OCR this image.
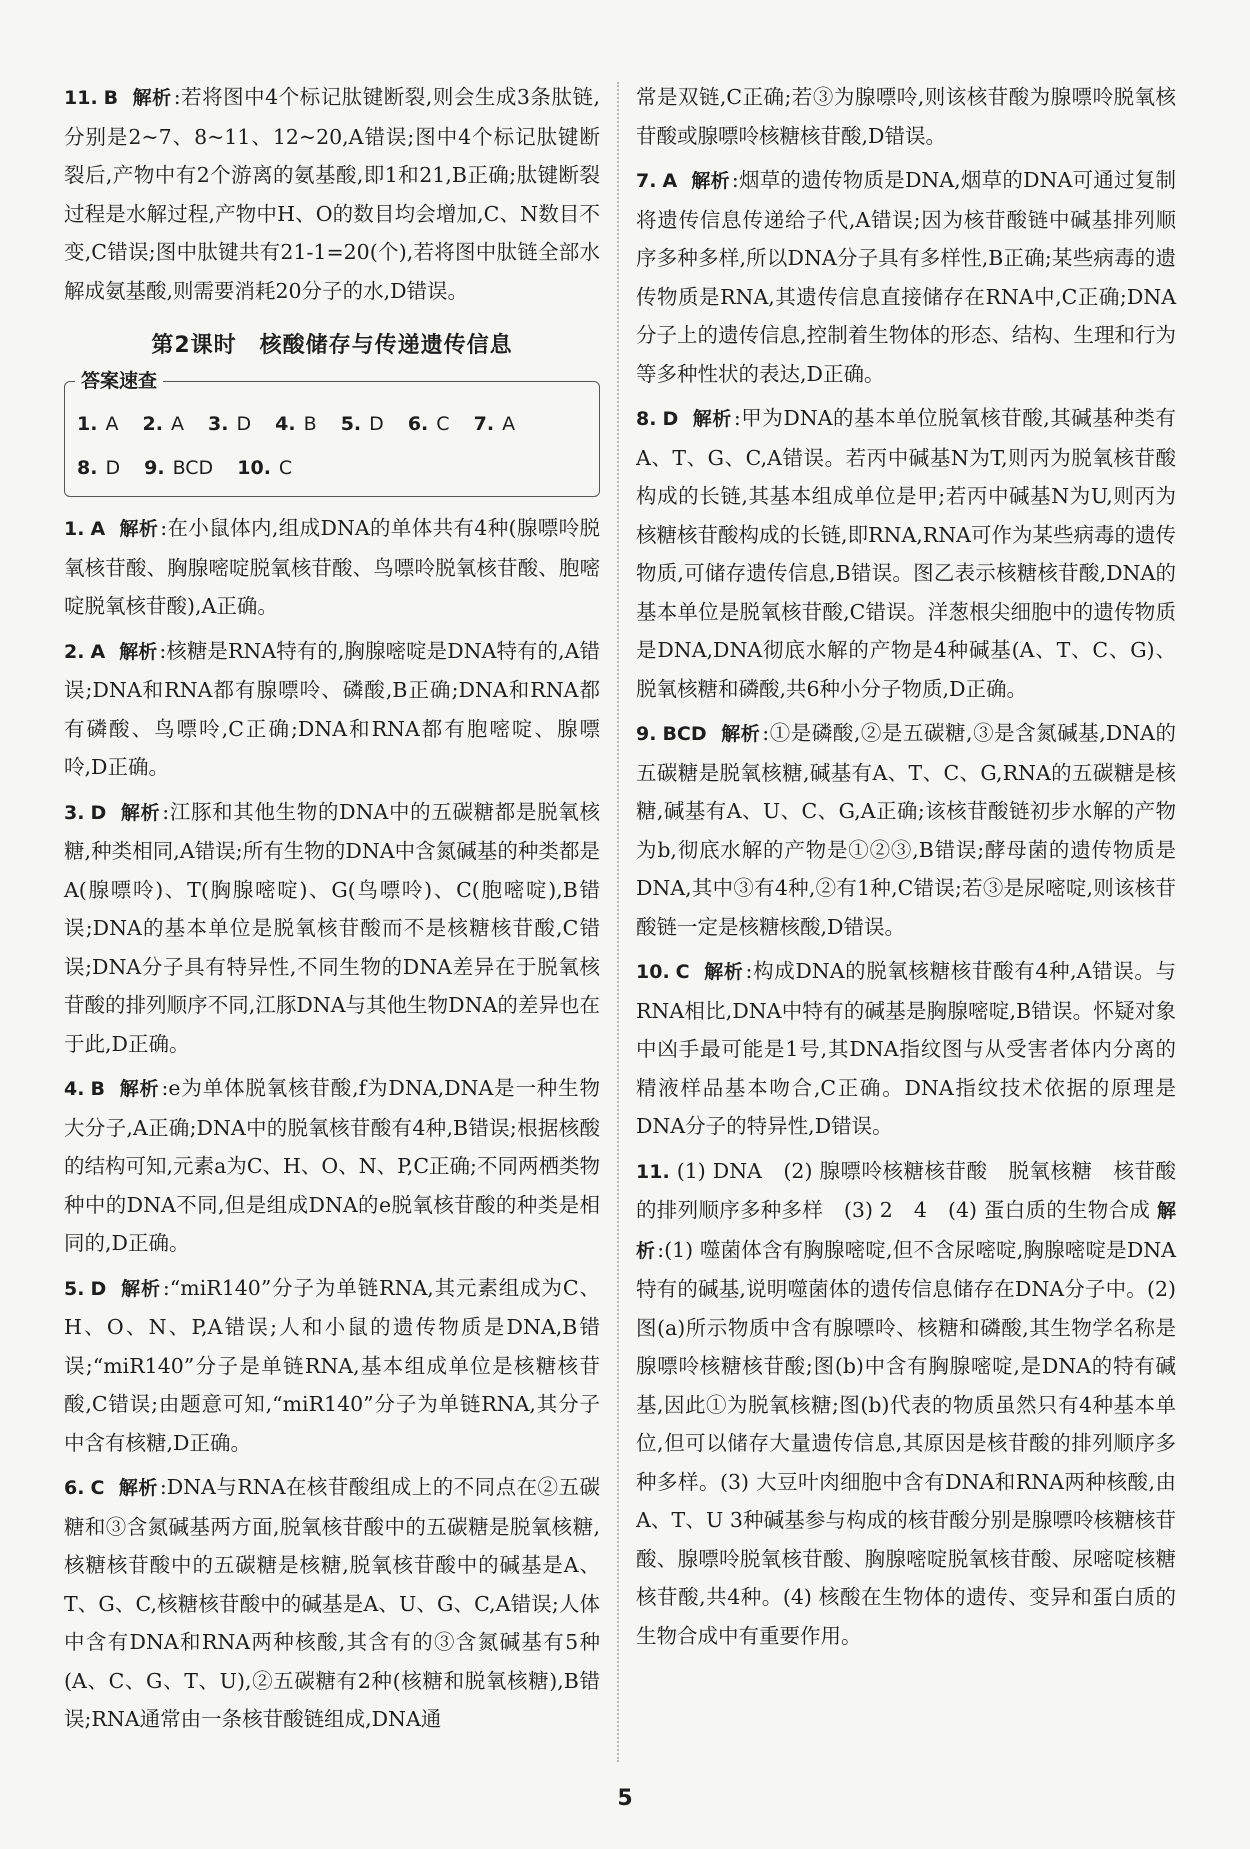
11. B 解析:若将图中4个标记肽键断裂,则会生成3条肽链,分别是2~7、8~11、12~20,A错误;图中4个标记肽键断裂后,产物中有2个游离的氨基酸,即1和21,B正确;肽键断裂过程是水解过程,产物中H、O的数目均会增加,C、N数目不变,C错误;图中肽键共有21-1=20(个),若将图中肽链全部水解成氨基酸,则需要消耗20分子的水,D错误。

第2课时　核酸储存与传递遗传信息
答案速查
1. A 2. A 3. D 4. B 5. D 6. C 7. A
8. D 9. BCD 10. C

1. A 解析:在小鼠体内,组成DNA的单体共有4种(腺嘌呤脱氧核苷酸、胸腺嘧啶脱氧核苷酸、鸟嘌呤脱氧核苷酸、胞嘧啶脱氧核苷酸),A正确。

2. A 解析:核糖是RNA特有的,胸腺嘧啶是DNA特有的,A错误;DNA和RNA都有腺嘌呤、磷酸,B正确;DNA和RNA都有磷酸、鸟嘌呤,C正确;DNA和RNA都有胞嘧啶、腺嘌呤,D正确。

3. D 解析:江豚和其他生物的DNA中的五碳糖都是脱氧核糖,种类相同,A错误;所有生物的DNA中含氮碱基的种类都是A(腺嘌呤)、T(胸腺嘧啶)、G(鸟嘌呤)、C(胞嘧啶),B错误;DNA的基本单位是脱氧核苷酸而不是核糖核苷酸,C错误;DNA分子具有特异性,不同生物的DNA差异在于脱氧核苷酸的排列顺序不同,江豚DNA与其他生物DNA的差异也在于此,D正确。

4. B 解析:e为单体脱氧核苷酸,f为DNA,DNA是一种生物大分子,A正确;DNA中的脱氧核苷酸有4种,B错误;根据核酸的结构可知,元素a为C、H、O、N、P,C正确;不同两栖类物种中的DNA不同,但是组成DNA的e脱氧核苷酸的种类是相同的,D正确。

5. D 解析:“miR140”分子为单链RNA,其元素组成为C、H、O、N、P,A错误;人和小鼠的遗传物质是DNA,B错误;“miR140”分子是单链RNA,基本组成单位是核糖核苷酸,C错误;由题意可知,“miR140”分子为单链RNA,其分子中含有核糖,D正确。

6. C 解析:DNA与RNA在核苷酸组成上的不同点在②五碳糖和③含氮碱基两方面,脱氧核苷酸中的五碳糖是脱氧核糖,核糖核苷酸中的五碳糖是核糖,脱氧核苷酸中的碱基是A、T、G、C,核糖核苷酸中的碱基是A、U、G、C,A错误;人体中含有DNA和RNA两种核酸,其含有的③含氮碱基有5种(A、C、G、T、U),②五碳糖有2种(核糖和脱氧核糖),B错误;RNA通常由一条核苷酸链组成,DNA通

常是双链,C正确;若③为腺嘌呤,则该核苷酸为腺嘌呤脱氧核苷酸或腺嘌呤核糖核苷酸,D错误。

7. A 解析:烟草的遗传物质是DNA,烟草的DNA可通过复制将遗传信息传递给子代,A错误;因为核苷酸链中碱基排列顺序多种多样,所以DNA分子具有多样性,B正确;某些病毒的遗传物质是RNA,其遗传信息直接储存在RNA中,C正确;DNA分子上的遗传信息,控制着生物体的形态、结构、生理和行为等多种性状的表达,D正确。

8. D 解析:甲为DNA的基本单位脱氧核苷酸,其碱基种类有A、T、G、C,A错误。若丙中碱基N为T,则丙为脱氧核苷酸构成的长链,其基本组成单位是甲;若丙中碱基N为U,则丙为核糖核苷酸构成的长链,即RNA,RNA可作为某些病毒的遗传物质,可储存遗传信息,B错误。图乙表示核糖核苷酸,DNA的基本单位是脱氧核苷酸,C错误。洋葱根尖细胞中的遗传物质是DNA,DNA彻底水解的产物是4种碱基(A、T、C、G)、脱氧核糖和磷酸,共6种小分子物质,D正确。

9. BCD 解析:①是磷酸,②是五碳糖,③是含氮碱基,DNA的五碳糖是脱氧核糖,碱基有A、T、C、G,RNA的五碳糖是核糖,碱基有A、U、C、G,A正确;该核苷酸链初步水解的产物为b,彻底水解的产物是①②③,B错误;酵母菌的遗传物质是DNA,其中③有4种,②有1种,C错误;若③是尿嘧啶,则该核苷酸链一定是核糖核酸,D错误。

10. C 解析:构成DNA的脱氧核糖核苷酸有4种,A错误。与RNA相比,DNA中特有的碱基是胸腺嘧啶,B错误。怀疑对象中凶手最可能是1号,其DNA指纹图与从受害者体内分离的精液样品基本吻合,C正确。DNA指纹技术依据的原理是DNA分子的特异性,D错误。

11. (1) DNA　(2) 腺嘌呤核糖核苷酸　脱氧核糖　核苷酸的排列顺序多种多样　(3) 2　4　(4) 蛋白质的生物合成 解析:(1) 噬菌体含有胸腺嘧啶,但不含尿嘧啶,胸腺嘧啶是DNA特有的碱基,说明噬菌体的遗传信息储存在DNA分子中。(2) 图(a)所示物质中含有腺嘌呤、核糖和磷酸,其生物学名称是腺嘌呤核糖核苷酸;图(b)中含有胸腺嘧啶,是DNA的特有碱基,因此①为脱氧核糖;图(b)代表的物质虽然只有4种基本单位,但可以储存大量遗传信息,其原因是核苷酸的排列顺序多种多样。(3) 大豆叶肉细胞中含有DNA和RNA两种核酸,由A、T、U 3种碱基参与构成的核苷酸分别是腺嘌呤核糖核苷酸、腺嘌呤脱氧核苷酸、胸腺嘧啶脱氧核苷酸、尿嘧啶核糖核苷酸,共4种。(4) 核酸在生物体的遗传、变异和蛋白质的生物合成中有重要作用。

5
